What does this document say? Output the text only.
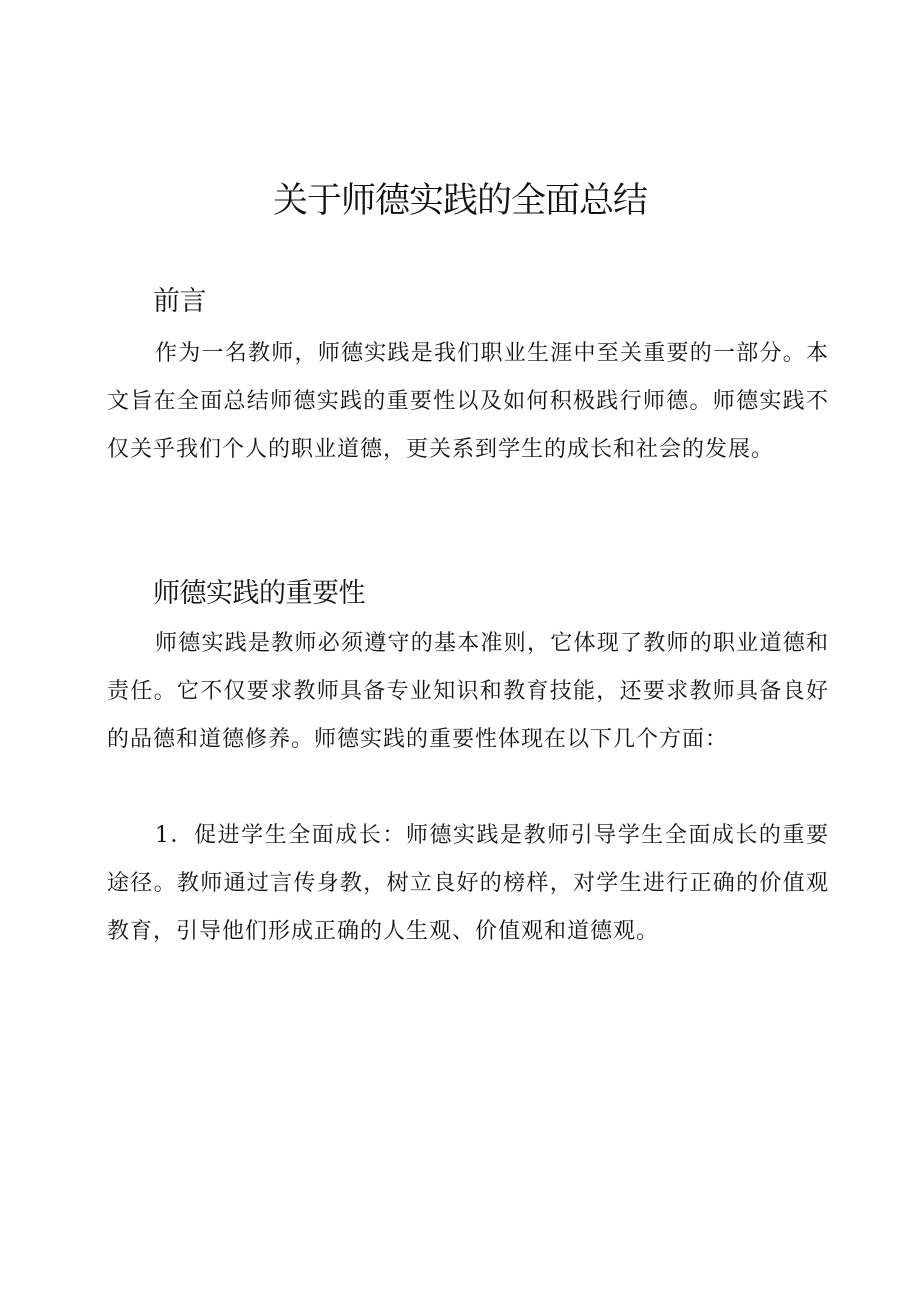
关于师德实践的全面总结
前言

作为一名教师，师德实践是我们职业生涯中至关重要的一部分。本文旨在全面总结师德实践的重要性以及如何积极践行师德。师德实践不仅关乎我们个人的职业道德，更关系到学生的成长和社会的发展。

师德实践的重要性

师德实践是教师必须遵守的基本准则，它体现了教师的职业道德和责任。它不仅要求教师具备专业知识和教育技能，还要求教师具备良好的品德和道德修养。师德实践的重要性体现在以下几个方面：

1．促进学生全面成长：师德实践是教师引导学生全面成长的重要途径。教师通过言传身教，树立良好的榜样，对学生进行正确的价值观教育，引导他们形成正确的人生观、价值观和道德观。
